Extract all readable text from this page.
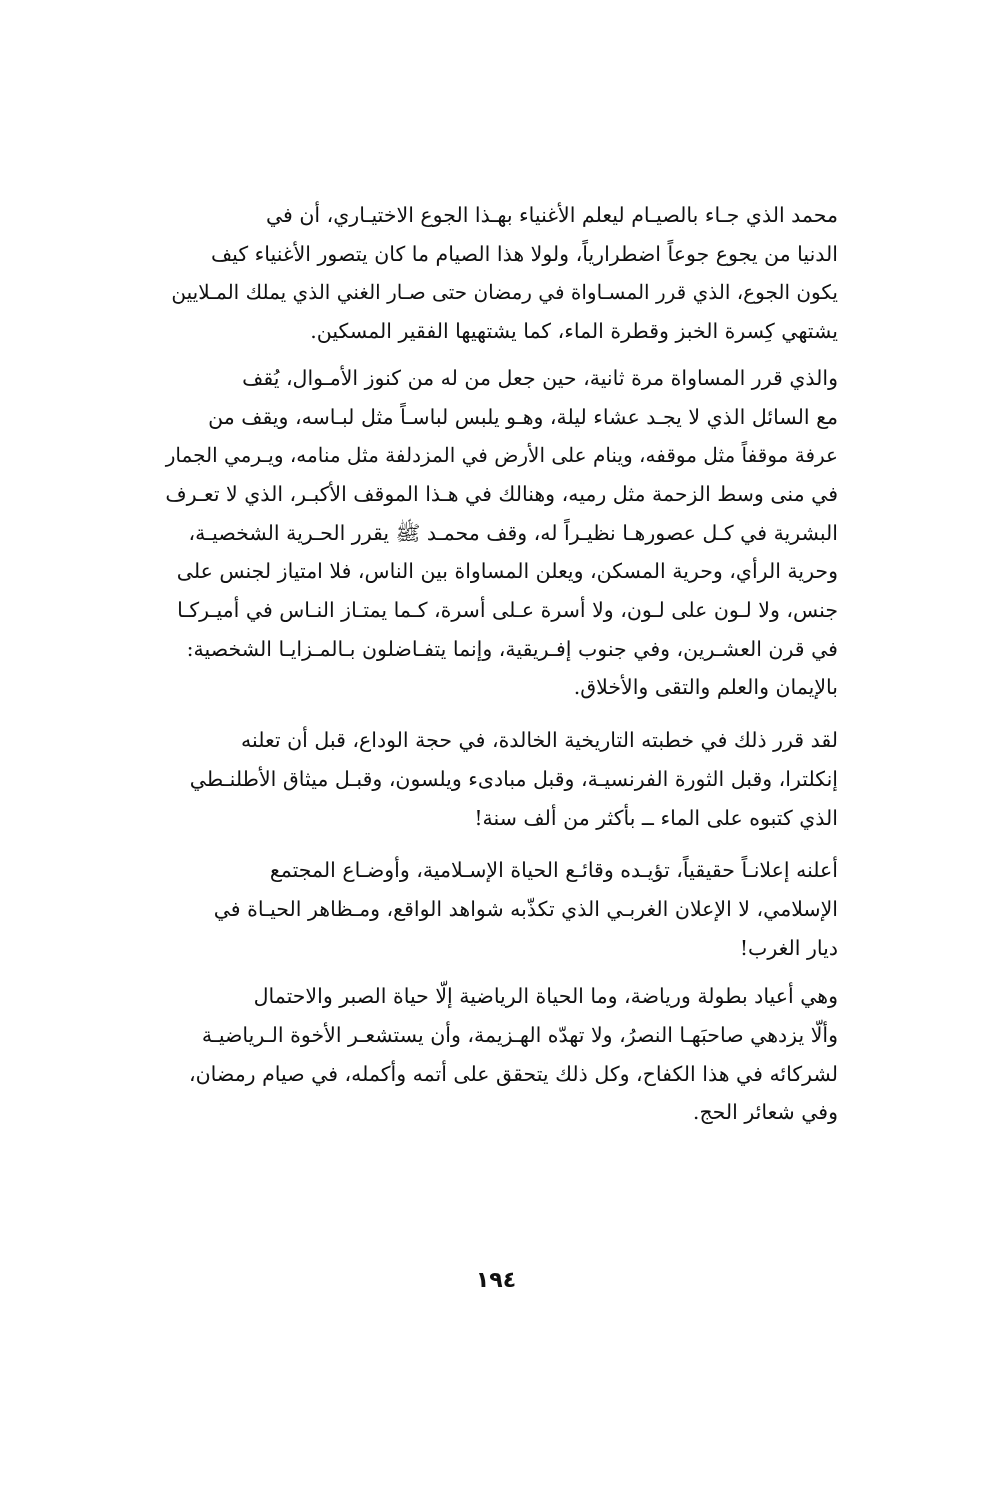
محمد الذي جـاء بالصيـام ليعلم الأغنياء بهـذا الجوع الاختيـاري، أن في
الدنيا من يجوع جوعاً اضطرارياً، ولولا هذا الصيام ما كان يتصور الأغنياء كيف
يكون الجوع، الذي قرر المسـاواة في رمضان حتى صـار الغني الذي يملك المـلايين
يشتهي كِسرة الخبز وقطرة الماء، كما يشتهيها الفقير المسكين.

والذي قرر المساواة مرة ثانية، حين جعل من له من كنوز الأمـوال، يُقف
مع السائل الذي لا يجـد عشاء ليلة، وهـو يلبس لباسـاً مثل لبـاسه، ويقف من
عرفة موقفاً مثل موقفه، وينام على الأرض في المزدلفة مثل منامه، ويـرمي الجمار
في منى وسط الزحمة مثل رميه، وهنالك في هـذا الموقف الأكبـر، الذي لا تعـرف
البشرية في كـل عصورهـا نظيـراً له، وقف محمـد ﷺ يقرر الحـرية الشخصيـة،
وحرية الرأي، وحرية المسكن، ويعلن المساواة بين الناس، فلا امتياز لجنس على
جنس، ولا لـون على لـون، ولا أسرة عـلى أسرة، كـما يمتـاز النـاس في أميـركـا
في قرن العشـرين، وفي جنوب إفـريقية، وإنما يتفـاضلون بـالمـزايـا الشخصية:
بالإيمان والعلم والتقى والأخلاق.

لقد قرر ذلك في خطبته التاريخية الخالدة، في حجة الوداع، قبل أن تعلنه
إنكلترا، وقبل الثورة الفرنسيـة، وقبل مبادىء ويلسون، وقبـل ميثاق الأطلنـطي
الذي كتبوه على الماء ــ بأكثر من ألف سنة!

أعلنه إعلانـاً حقيقياً، تؤيـده وقائـع الحياة الإسـلامية، وأوضـاع المجتمع
الإسلامي، لا الإعلان الغربـي الذي تكذّبه شواهد الواقع، ومـظاهر الحيـاة في
ديار الغرب!

وهي أعياد بطولة ورياضة، وما الحياة الرياضية إلّا حياة الصبر والاحتمال
وألّا يزدهي صاحبَهـا النصرُ، ولا تهدّه الهـزيمة، وأن يستشعـر الأخوة الـرياضيـة
لشركائه في هذا الكفاح، وكل ذلك يتحقق على أتمه وأكمله، في صيام رمضان،
وفي شعائر الحج.

١٩٤
